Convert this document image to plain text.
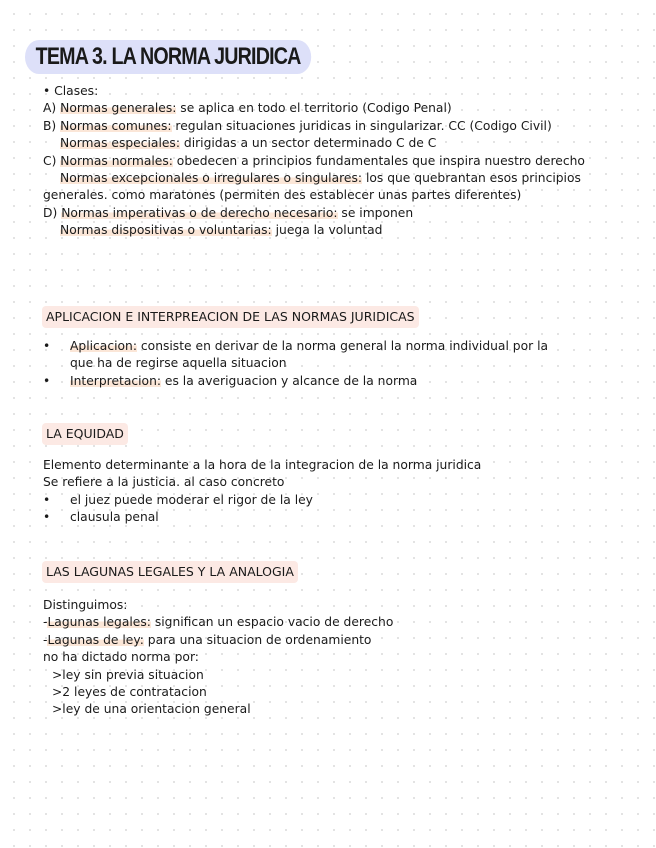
TEMA 3. LA NORMA JURIDICA
• Clases:
A) Normas generales: se aplica en todo el territorio (Codigo Penal)
B) Normas comunes: regulan situaciones juridicas in singularizar. CC (Codigo Civil)
Normas especiales: dirigidas a un sector determinado C de C
C) Normas normales: obedecen a principios fundamentales que inspira nuestro derecho
Normas excepcionales o irregulares o singulares: los que quebrantan esos principios generales. como maratones (permiten des establecer unas partes diferentes)
D) Normas imperativas o de derecho necesario: se imponen
Normas dispositivas o voluntarias: juega la voluntad
APLICACION E INTERPREACION DE LAS NORMAS JURIDICAS
• Aplicacion: consiste en derivar de la norma general la norma individual por la
que ha de regirse aquella situacion
• Interpretacion: es la averiguacion y alcance de la norma
LA EQUIDAD
Elemento determinante a la hora de la integracion de la norma juridica
Se refiere a la justicia. al caso concreto
• el juez puede moderar el rigor de la ley
• clausula penal
LAS LAGUNAS LEGALES Y LA ANALOGIA
Distinguimos:
-Lagunas legales: significan un espacio vacio de derecho
-Lagunas de ley: para una situacion de ordenamiento
no ha dictado norma por:
>ley sin previa situacion
>2 leyes de contratacion
>ley de una orientacion general
